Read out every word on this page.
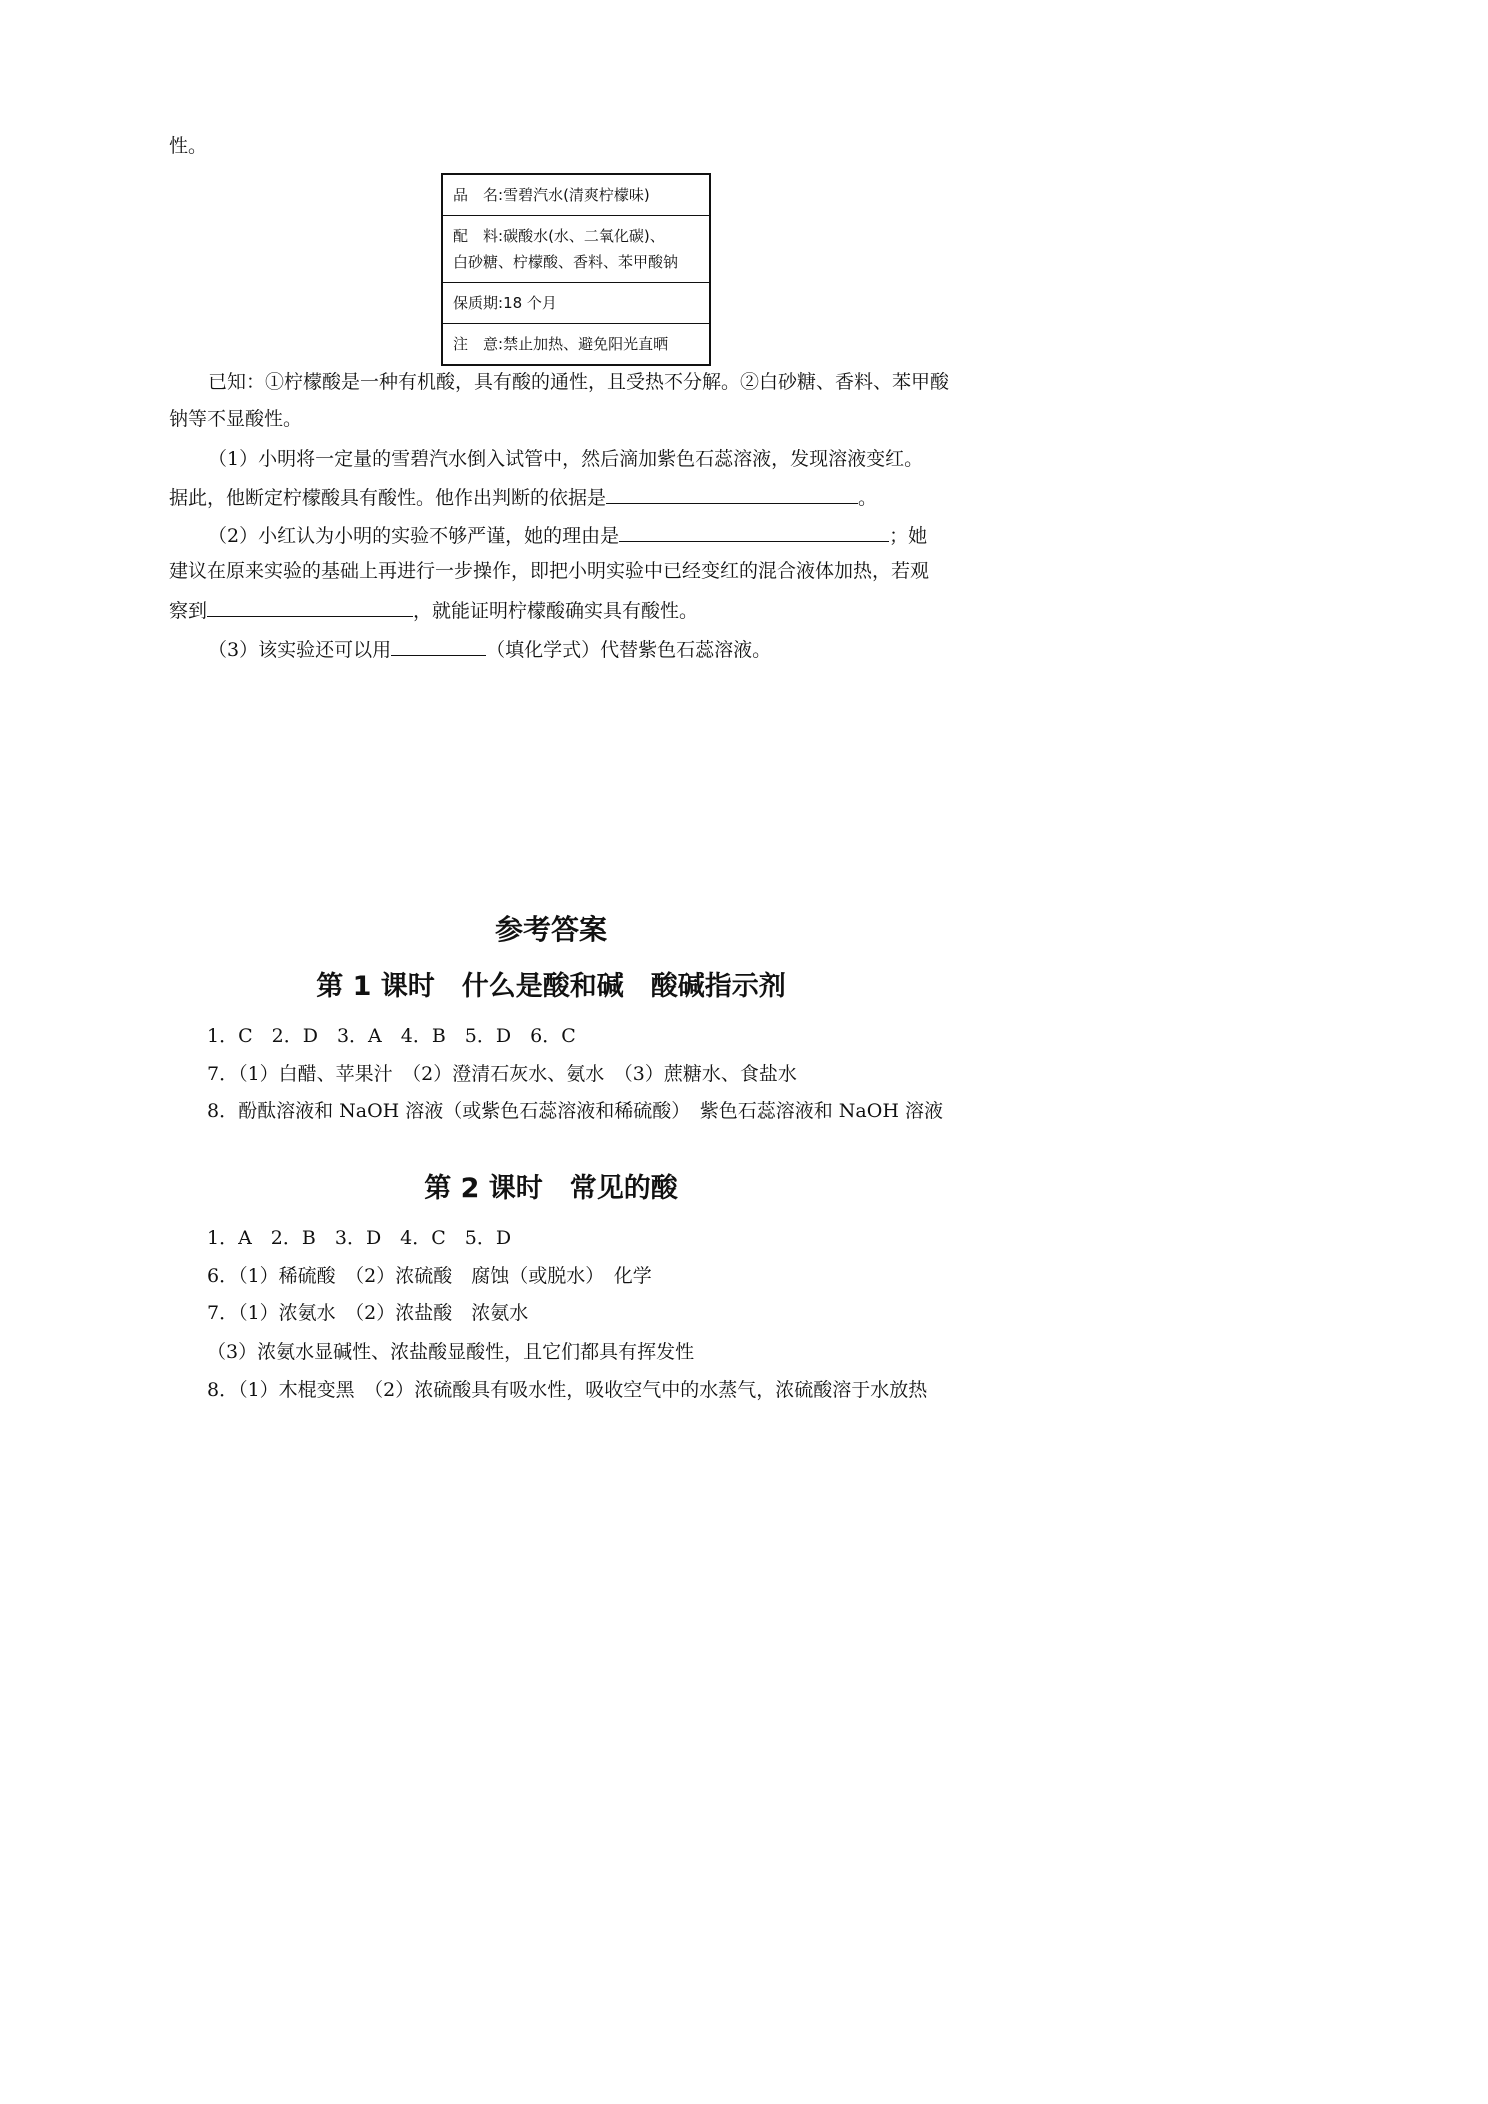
性。
品　名:雪碧汽水(清爽柠檬味)
配　料:碳酸水(水、二氧化碳)、
白砂糖、柠檬酸、香料、苯甲酸钠
保质期:18 个月
注　意:禁止加热、避免阳光直晒
已知：①柠檬酸是一种有机酸，具有酸的通性，且受热不分解。②白砂糖、香料、苯甲酸
钠等不显酸性。
（1）小明将一定量的雪碧汽水倒入试管中，然后滴加紫色石蕊溶液，发现溶液变红。
据此，他断定柠檬酸具有酸性。他作出判断的依据是	。
（2）小红认为小明的实验不够严谨，她的理由是	；她
建议在原来实验的基础上再进行一步操作，即把小明实验中已经变红的混合液体加热，若观
察到	，就能证明柠檬酸确实具有酸性。
（3）该实验还可以用	（填化学式）代替紫色石蕊溶液。
参考答案
第 1 课时　什么是酸和碱　酸碱指示剂
1．C　2．D　3．A　4．B　5．D　6．C
7．（1）白醋、苹果汁　（2）澄清石灰水、氨水　（3）蔗糖水、食盐水
8．酚酞溶液和 NaOH 溶液（或紫色石蕊溶液和稀硫酸）　紫色石蕊溶液和 NaOH 溶液
第 2 课时　常见的酸
1．A　2．B　3．D　4．C　5．D
6．（1）稀硫酸　（2）浓硫酸　腐蚀（或脱水）　化学
7．（1）浓氨水　（2）浓盐酸　浓氨水
（3）浓氨水显碱性、浓盐酸显酸性，且它们都具有挥发性
8．（1）木棍变黑　（2）浓硫酸具有吸水性，吸收空气中的水蒸气，浓硫酸溶于水放热
